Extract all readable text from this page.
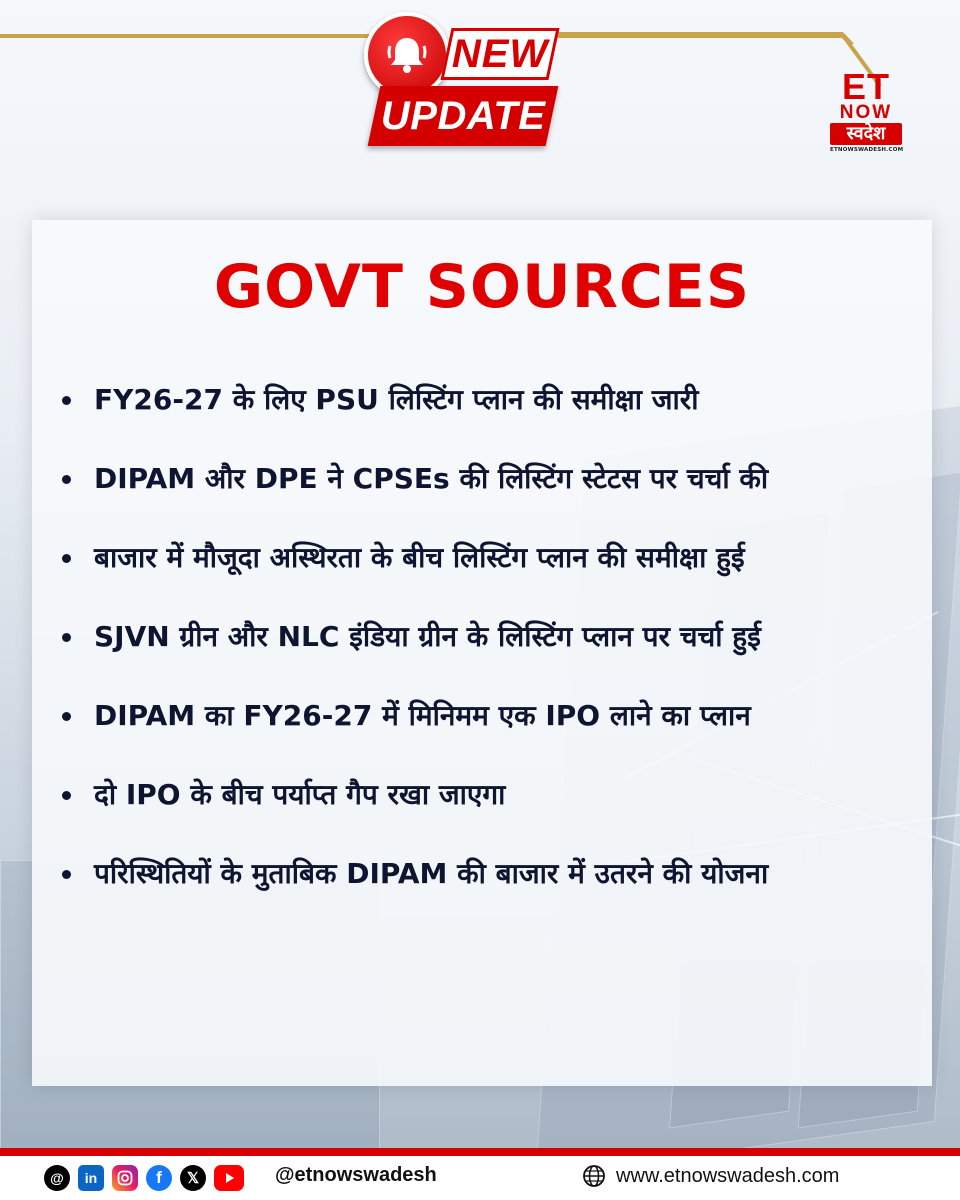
NEW
UPDATE
ET
NOW
स्वदेश
ETNOWSWADESH.COM
GOVT SOURCES
FY26-27 के लिए PSU लिस्टिंग प्लान की समीक्षा जारी
DIPAM और DPE ने CPSEs की लिस्टिंग स्टेटस पर चर्चा की
बाजार में मौजूदा अस्थिरता के बीच लिस्टिंग प्लान की समीक्षा हुई
SJVN ग्रीन और NLC इंडिया ग्रीन के लिस्टिंग प्लान पर चर्चा हुई
DIPAM का FY26-27 में मिनिमम एक IPO लाने का प्लान
दो IPO के बीच पर्याप्त गैप रखा जाएगा
परिस्थितियों के मुताबिक DIPAM की बाजार में उतरने की योजना
@	in	f	𝕏	@etnowswadesh	www.etnowswadesh.com
